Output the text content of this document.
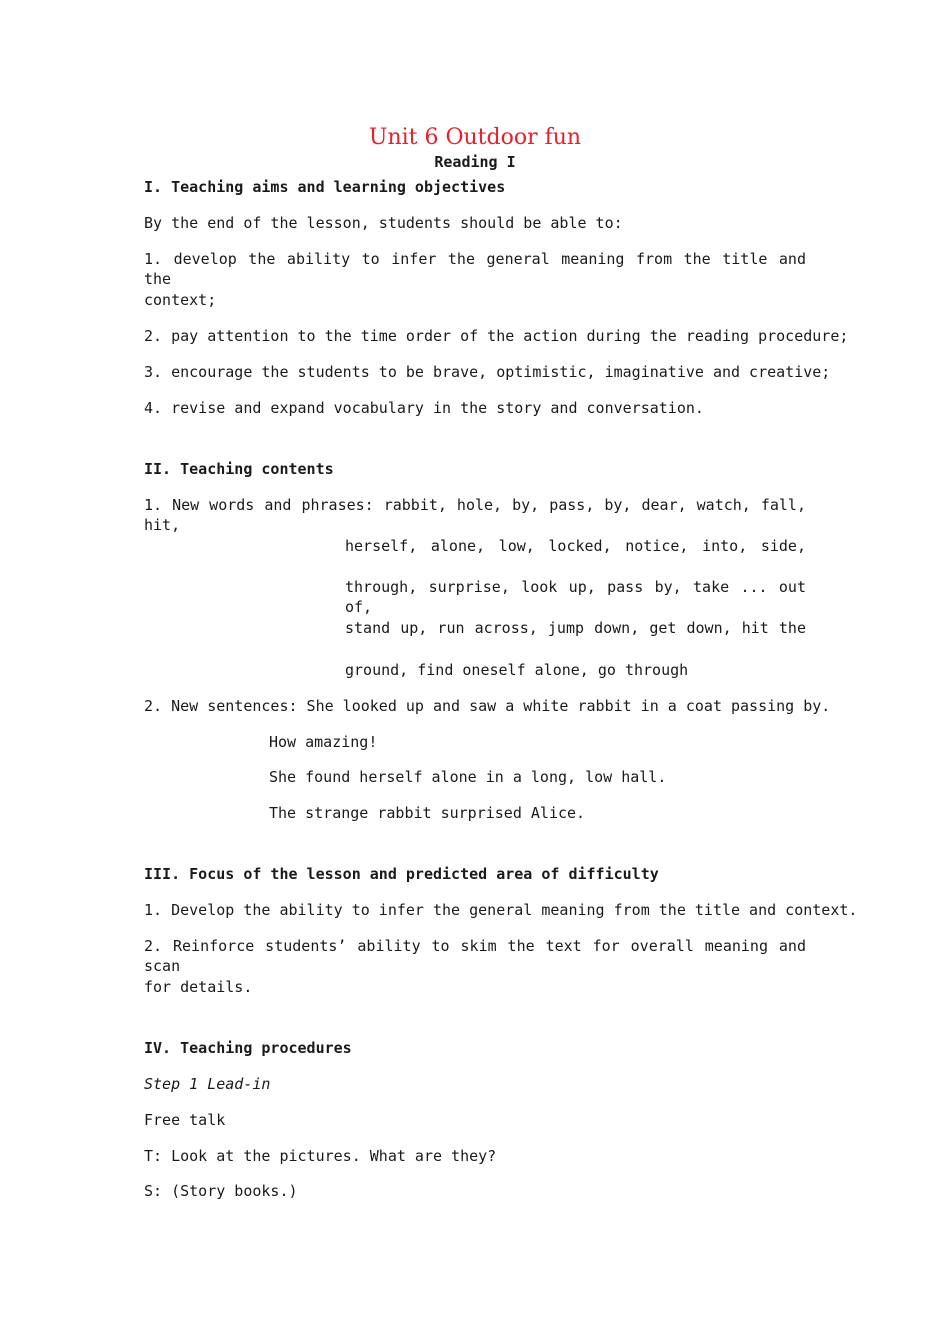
Unit 6 Outdoor fun
Reading I
I. Teaching aims and learning objectives
By the end of the lesson, students should be able to:
1. develop the ability to infer the general meaning from the title and the
context;
2. pay attention to the time order of the action during the reading procedure;
3. encourage the students to be brave, optimistic, imaginative and creative;
4. revise and expand vocabulary in the story and conversation.
II. Teaching contents
1. New words and phrases: rabbit, hole, by, pass, by, dear, watch, fall, hit,
herself, alone, low, locked, notice, into, side,
through, surprise, look up, pass by, take ... out of,
stand up, run across, jump down, get down, hit the
ground, find oneself alone, go through
2. New sentences: She looked up and saw a white rabbit in a coat passing by.
How amazing!
She found herself alone in a long, low hall.
The strange rabbit surprised Alice.
III. Focus of the lesson and predicted area of difficulty
1. Develop the ability to infer the general meaning from the title and context.
2. Reinforce students’ ability to skim the text for overall meaning and scan
for details.
IV. Teaching procedures
Step 1 Lead-in
Free talk
T: Look at the pictures. What are they?
S: (Story books.)
